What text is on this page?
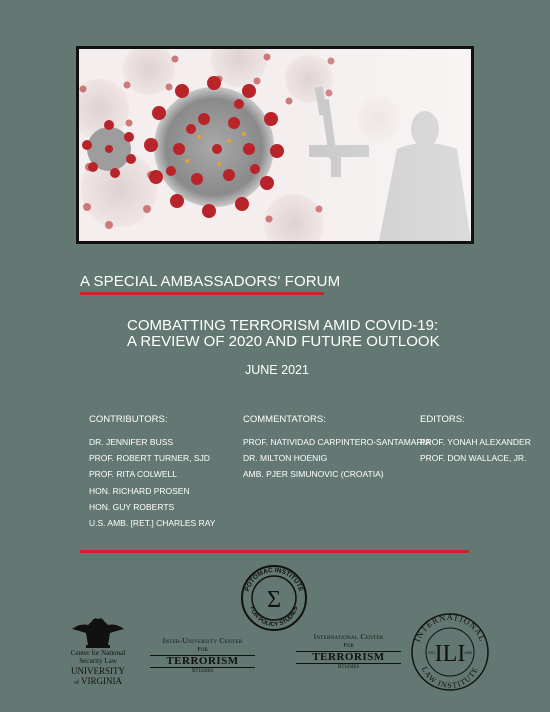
A SPECIAL AMBASSADORS' FORUM
COMBATTING TERRORISM AMID COVID-19:
A REVIEW OF 2020 AND FUTURE OUTLOOK
JUNE 2021
CONTRIBUTORS:
DR. JENNIFER BUSS
PROF. ROBERT TURNER, SJD
PROF. RITA COLWELL
HON. RICHARD PROSEN
HON. GUY ROBERTS
U.S. AMB. [RET.] CHARLES RAY
COMMENTATORS:
PROF. NATIVIDAD CARPINTERO-SANTAMARIA
DR. MILTON HOENIG
AMB. PJER SIMUNOVIC (CROATIA)
EDITORS:
PROF. YONAH ALEXANDER
PROF. DON WALLACE, JR.
Center for National
Security Law
UNIVERSITY
of VIRGINIA
Inter-University Center
For
TERRORISM
Studies
POTOMAC INSTITUTE
FOR POLICY STUDIES
Σ
International Center
For
TERRORISM
Studies
INTERNATIONAL
LAW INSTITUTE
ILI
EST.	1955
